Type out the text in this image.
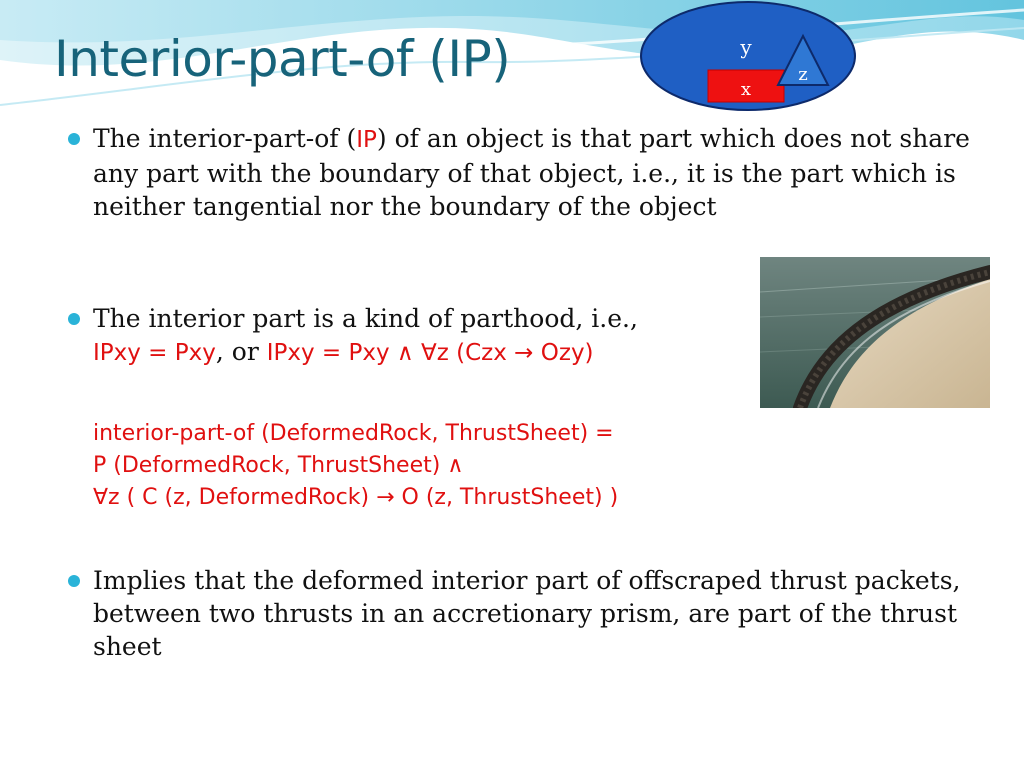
Interior-part-of (IP)	y
z
x
The interior-part-of (IP) of an object is that part which does not share any part with the boundary of that object, i.e., it is the part which is neither tangential nor the boundary of the object
The interior part is a kind of parthood, i.e.,
IPxy = Pxy, or IPxy = Pxy ∧ ∀z (Czx → Ozy)
interior-part-of (DeformedRock, ThrustSheet) =
P (DeformedRock, ThrustSheet) ∧
∀z ( C (z, DeformedRock) → O (z, ThrustSheet) )
Implies that the deformed interior part of offscraped thrust packets, between two thrusts in an accretionary prism, are part of the thrust sheet
